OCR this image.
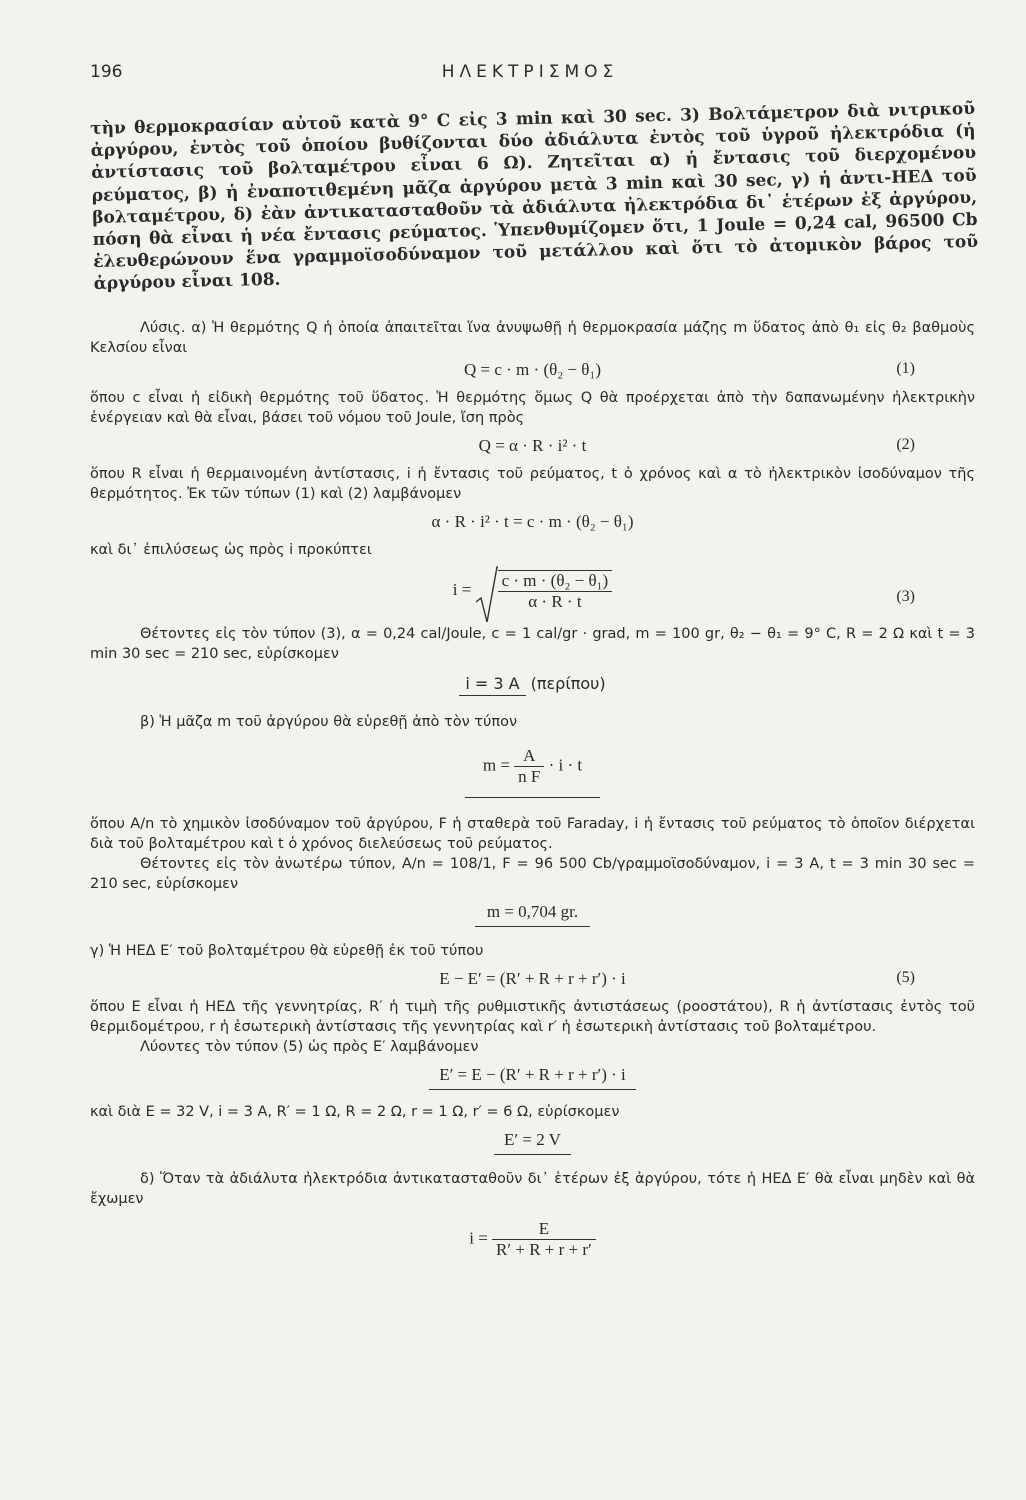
196	ΗΛΕΚΤΡΙΣΜΟΣ
τὴν θερμοκρασίαν αὐτοῦ κατὰ 9° C εἰς 3 min καὶ 30 sec. 3) Βολτάμετρον διὰ νιτρικοῦ ἀργύρου, ἐντὸς τοῦ ὁποίου βυθίζονται δύο ἀδιάλυτα ἐντὸς τοῦ ὑγροῦ ἠλεκτρόδια (ἡ ἀντίστασις τοῦ βολταμέτρου εἶναι 6 Ω). Ζητεῖται α) ἡ ἔντασις τοῦ διερχομένου ρεύματος, β) ἡ ἐναποτιθεμένη μᾶζα ἀργύρου μετὰ 3 min καὶ 30 sec, γ) ἡ ἀντι-ΗΕΔ τοῦ βολταμέτρου, δ) ἐὰν ἀντικατασταθοῦν τὰ ἀδιάλυτα ἠλεκτρόδια δι᾽ ἑτέρων ἐξ ἀργύρου, πόση θὰ εἶναι ἡ νέα ἔντασις ρεύματος. Ὑπενθυμίζομεν ὅτι, 1 Joule = 0,24 cal, 96500 Cb ἐλευθερώνουν ἕνα γραμμοϊσοδύναμον τοῦ μετάλλου καὶ ὅτι τὸ ἀτομικὸν βάρος τοῦ ἀργύρου εἶναι 108.

Λύσις. α) Ἡ θερμότης Q ἡ ὁποία ἀπαιτεῖται ἵνα ἀνυψωθῇ ἡ θερμοκρασία μάζης m ὕδατος ἀπὸ θ₁ εἰς θ₂ βαθμοὺς Κελσίου εἶναι

Q = c · m · (θ₂ − θ₁)	(1)

ὅπου c εἶναι ἡ εἰδικὴ θερμότης τοῦ ὕδατος. Ἡ θερμότης ὅμως Q θὰ προέρχεται ἀπὸ τὴν δαπανωμένην ἠλεκτρικὴν ἐνέργειαν καὶ θὰ εἶναι, βάσει τοῦ νόμου τοῦ Joule, ἴση πρὸς

Q = α · R · i² · t	(2)

ὅπου R εἶναι ἡ θερμαινομένη ἀντίστασις, i ἡ ἔντασις τοῦ ρεύματος, t ὁ χρόνος καὶ α τὸ ἠλεκτρικὸν ἰσοδύναμον τῆς θερμότητος. Ἐκ τῶν τύπων (1) καὶ (2) λαμβάνομεν

α · R · i² · t = c · m · (θ₂ − θ₁)

καὶ δι᾽ ἐπιλύσεως ὡς πρὸς i προκύπτει

$i = \frac{\text{c · m · (θ₂ − θ₁)}}{\alpha \cdot R \cdot t}$	(3)

Θέτοντες εἰς τὸν τύπον (3), α = 0,24 cal/Joule, c = 1 cal/gr · grad, m = 100 gr, θ₂ − θ₁ = 9° C, R = 2 Ω καὶ t = 3 min 30 sec = 210 sec, εὑρίσκομεν

i = 3 A (περίπου)

β) Ἡ μᾶζα m τοῦ ἀργύρου θὰ εὑρεθῇ ἀπὸ τὸν τύπον

$m = \frac{A}{\text{n F}} \cdot i \cdot t$

ὅπου A/n τὸ χημικὸν ἰσοδύναμον τοῦ ἀργύρου, F ἡ σταθερὰ τοῦ Faraday, i ἡ ἔντασις τοῦ ρεύματος τὸ ὁποῖον διέρχεται διὰ τοῦ βολταμέτρου καὶ t ὁ χρόνος διελεύσεως τοῦ ρεύματος.

Θέτοντες εἰς τὸν ἀνωτέρω τύπον, A/n = 108/1, F = 96 500 Cb/γραμμοϊσοδύναμον, i = 3 A, t = 3 min 30 sec = 210 sec, εὑρίσκομεν

m = 0,704 gr.

γ) Ἡ ΗΕΔ E′ τοῦ βολταμέτρου θὰ εὑρεθῇ ἐκ τοῦ τύπου

E − E′ = (R′ + R + r + r′) · i	(5)

ὅπου E εἶναι ἡ ΗΕΔ τῆς γεννητρίας, R′ ἡ τιμὴ τῆς ρυθμιστικῆς ἀντιστάσεως (ροοστάτου), R ἡ ἀντίστασις ἐντὸς τοῦ θερμιδομέτρου, r ἡ ἐσωτερικὴ ἀντίστασις τῆς γεννητρίας καὶ r′ ἡ ἐσωτερικὴ ἀντίστασις τοῦ βολταμέτρου.

Λύοντες τὸν τύπον (5) ὡς πρὸς E′ λαμβάνομεν

E′ = E − (R′ + R + r + r′) · i

καὶ διὰ E = 32 V, i = 3 A, R′ = 1 Ω, R = 2 Ω, r = 1 Ω, r′ = 6 Ω, εὑρίσκομεν

E′ = 2 V

δ) Ὅταν τὰ ἀδιάλυτα ἠλεκτρόδια ἀντικατασταθοῦν δι᾽ ἑτέρων ἐξ ἀργύρου, τότε ἡ ΗΕΔ E′ θὰ εἶναι μηδὲν καὶ θὰ ἔχωμεν

$i = \frac{E}{R' + R + r + r'}$
